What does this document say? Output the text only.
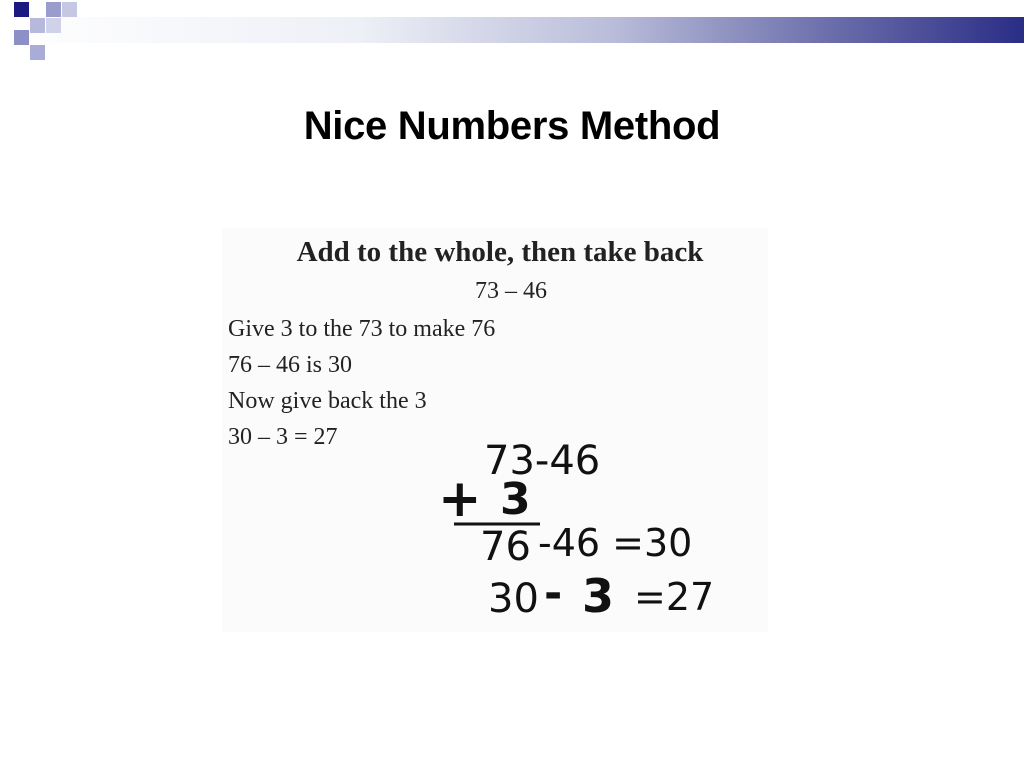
Nice Numbers Method
Add to the whole, then take back
73 – 46
Give 3 to the 73 to make 76
76 – 46 is 30
Now give back the 3
30 – 3 = 27
73-46
+ 3
76 -46 =30
30 - 3 =27
